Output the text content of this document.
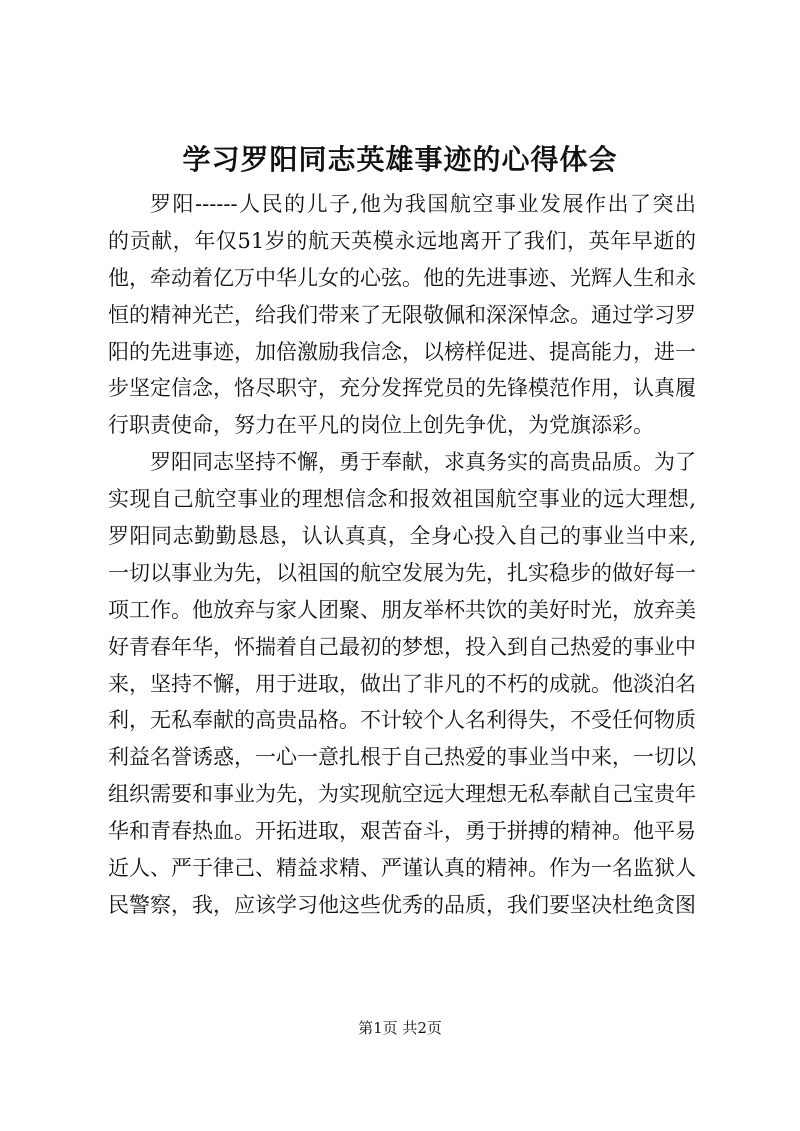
学习罗阳同志英雄事迹的心得体会
罗阳------人民的儿子,他为我国航空事业发展作出了突出
的贡献，年仅51岁的航天英模永远地离开了我们，英年早逝的
他，牵动着亿万中华儿女的心弦。他的先进事迹、光辉人生和永
恒的精神光芒，给我们带来了无限敬佩和深深悼念。通过学习罗
阳的先进事迹，加倍激励我信念，以榜样促进、提高能力，进一
步坚定信念，恪尽职守，充分发挥党员的先锋模范作用，认真履
行职责使命，努力在平凡的岗位上创先争优，为党旗添彩。
罗阳同志坚持不懈，勇于奉献，求真务实的高贵品质。为了
实现自己航空事业的理想信念和报效祖国航空事业的远大理想,
罗阳同志勤勤恳恳，认认真真，全身心投入自己的事业当中来,
一切以事业为先，以祖国的航空发展为先，扎实稳步的做好每一
项工作。他放弃与家人团聚、朋友举杯共饮的美好时光，放弃美
好青春年华，怀揣着自己最初的梦想，投入到自己热爱的事业中
来，坚持不懈，用于进取，做出了非凡的不朽的成就。他淡泊名
利，无私奉献的高贵品格。不计较个人名利得失，不受任何物质
利益名誉诱惑，一心一意扎根于自己热爱的事业当中来，一切以
组织需要和事业为先，为实现航空远大理想无私奉献自己宝贵年
华和青春热血。开拓进取，艰苦奋斗，勇于拼搏的精神。他平易
近人、严于律己、精益求精、严谨认真的精神。作为一名监狱人
民警察，我，应该学习他这些优秀的品质，我们要坚决杜绝贪图
第1页 共2页
